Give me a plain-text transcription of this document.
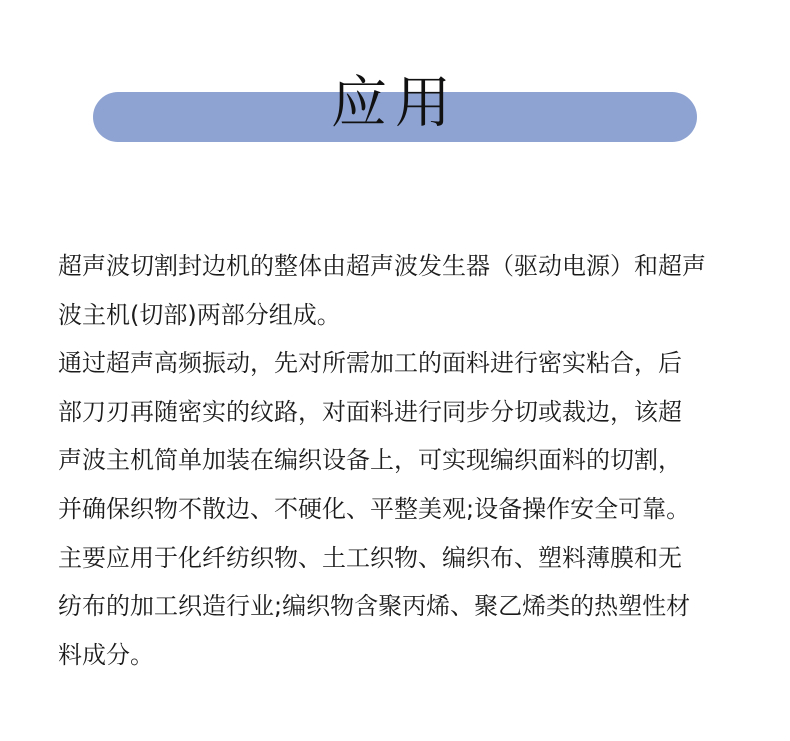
应用
超声波切割封边机的整体由超声波发生器（驱动电源）和超声
波主机(切部)两部分组成。
通过超声高频振动，先对所需加工的面料进行密实粘合，后
部刀刃再随密实的纹路，对面料进行同步分切或裁边，该超
声波主机简单加装在编织设备上，可实现编织面料的切割，
并确保织物不散边、不硬化、平整美观;设备操作安全可靠。
主要应用于化纤纺织物、土工织物、编织布、塑料薄膜和无
纺布的加工织造行业;编织物含聚丙烯、聚乙烯类的热塑性材
料成分。
